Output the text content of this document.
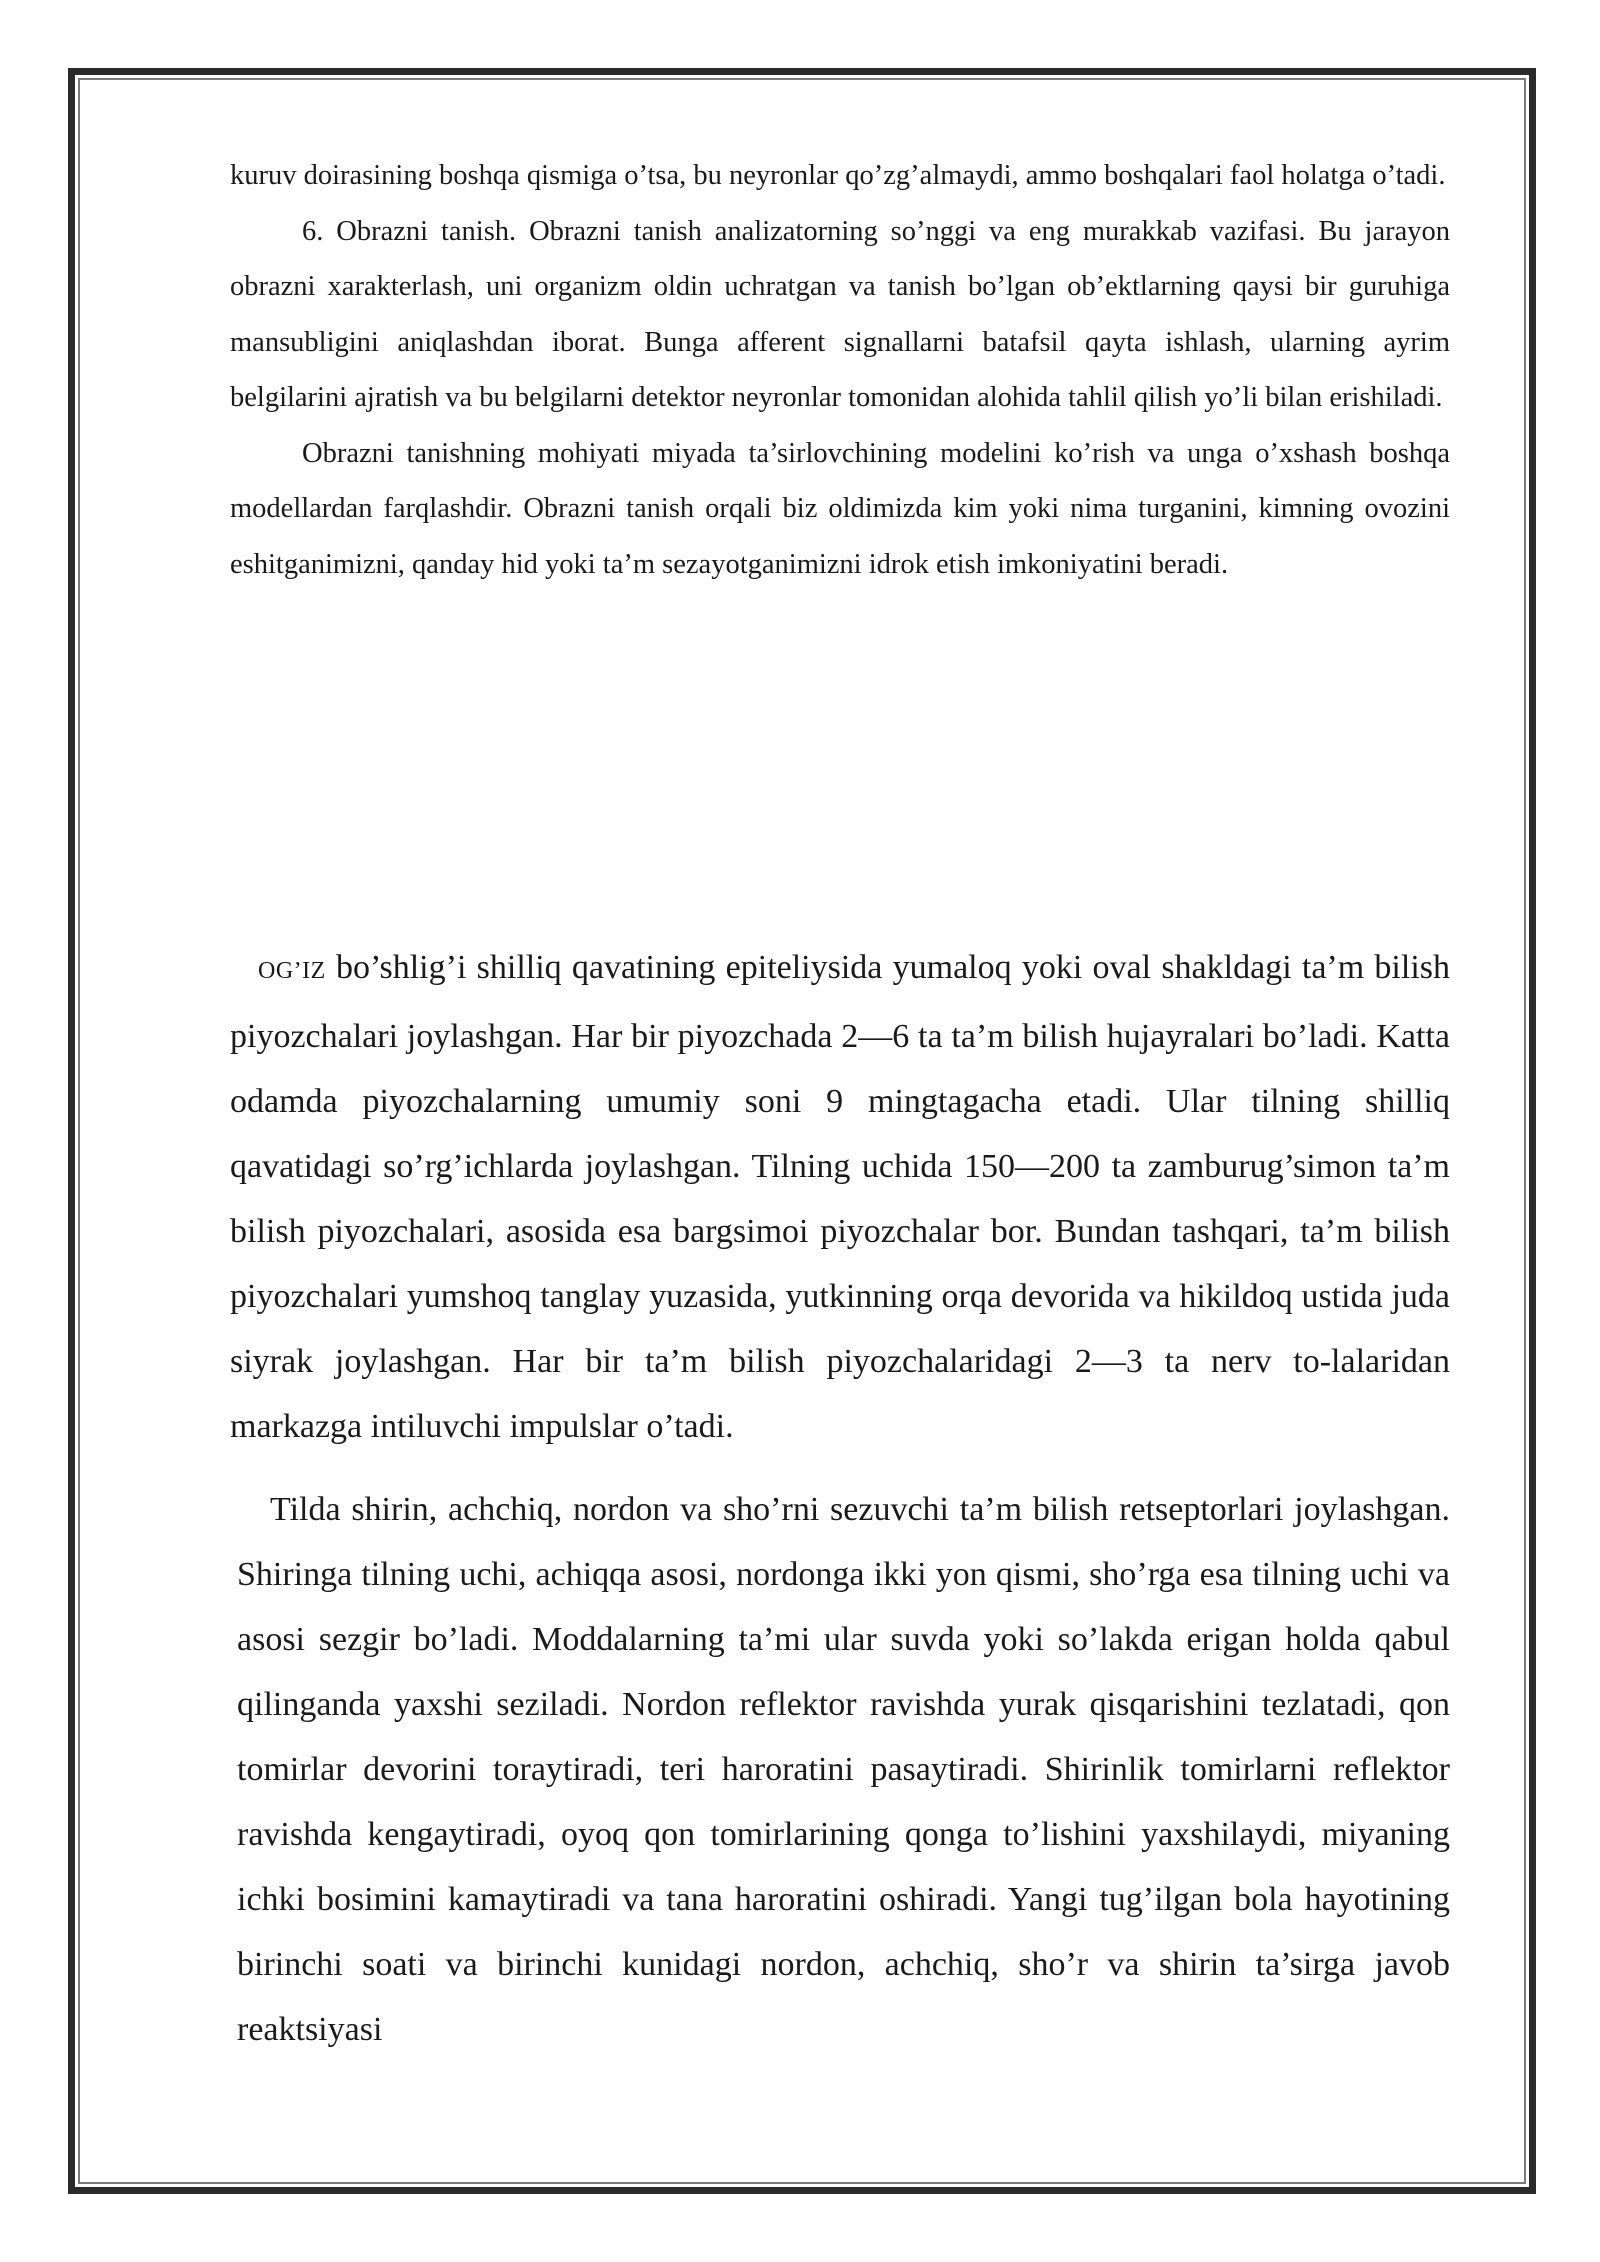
kuruv doirasining boshqa qismiga o’tsa, bu neyronlar qo’zg’almaydi, ammo boshqalari faol holatga o’tadi.

6. Obrazni tanish. Obrazni tanish analizatorning so’nggi va eng murakkab vazifasi. Bu jarayon obrazni xarakterlash, uni organizm oldin uchratgan va tanish bo’lgan ob’ektlarning qaysi bir guruhiga mansubligini aniqlashdan iborat. Bunga afferent signallarni batafsil qayta ishlash, ularning ayrim belgilarini ajratish va bu belgilarni detektor neyronlar tomonidan alohida tahlil qilish yo’li bilan erishiladi.

Obrazni tanishning mohiyati miyada ta’sirlovchining modelini ko’rish va unga o’xshash boshqa modellardan farqlashdir. Obrazni tanish orqali biz oldimizda kim yoki nima turganini, kimning ovozini eshitganimizni, qanday hid yoki ta’m sezayotganimizni idrok etish imkoniyatini beradi.

OG’IZ bo’shlig’i shilliq qavatining epiteliysida yumaloq yoki oval shakldagi ta’m bilish piyozchalari joylashgan. Har bir piyozchada 2—6 ta ta’m bilish hujayralari bo’ladi. Katta odamda piyozchalarning umumiy soni 9 mingtagacha etadi. Ular tilning shilliq qavatidagi so’rg’ichlarda joylashgan. Tilning uchida 150—200 ta zamburug’simon ta’m bilish piyozchalari, asosida esa bargsimoi piyozchalar bor. Bundan tashqari, ta’m bilish piyozchalari yumshoq tanglay yuzasida, yutkinning orqa devorida va hikildoq ustida juda siyrak joylashgan. Har bir ta’m bilish piyozchalaridagi 2—3 ta nerv to-lalaridan markazga intiluvchi impulslar o’tadi.

Tilda shirin, achchiq, nordon va sho’rni sezuvchi ta’m bilish retseptorlari joylashgan. Shiringa tilning uchi, achiqqa asosi, nordonga ikki yon qismi, sho’rga esa tilning uchi va asosi sezgir bo’ladi. Moddalarning ta’mi ular suvda yoki so’lakda erigan holda qabul qilinganda yaxshi seziladi. Nordon reflektor ravishda yurak qisqarishini tezlatadi, qon tomirlar devorini toraytiradi, teri haroratini pasaytiradi. Shirinlik tomirlarni reflektor ravishda kengaytiradi, oyoq qon tomirlarining qonga to’lishini yaxshilaydi, miyaning ichki bosimini kamaytiradi va tana haroratini oshiradi. Yangi tug’ilgan bola hayotining birinchi soati va birinchi kunidagi nordon, achchiq, sho’r va shirin ta’sirga javob reaktsiyasi
